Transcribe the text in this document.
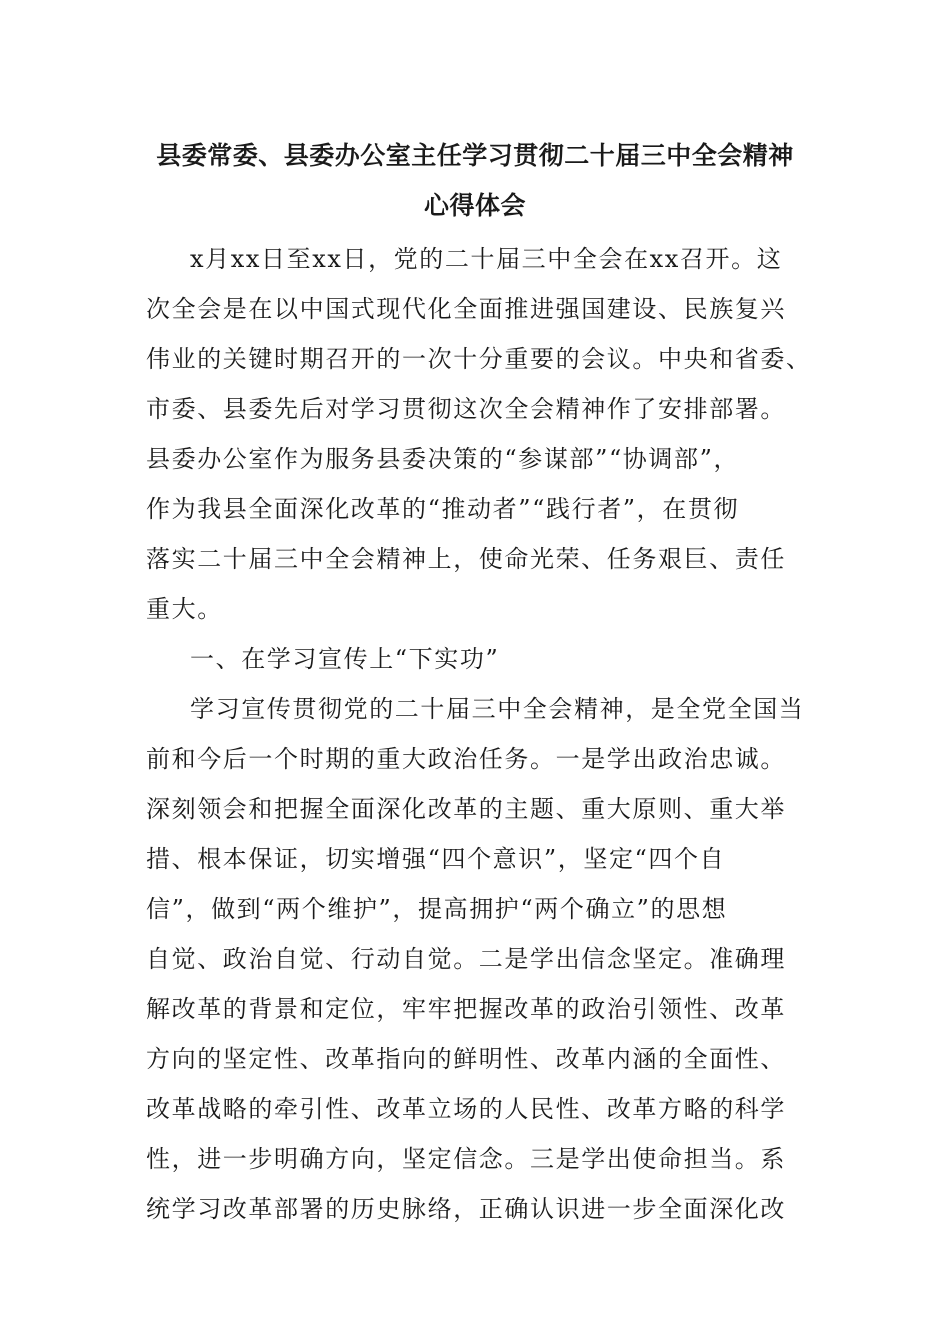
县委常委、县委办公室主任学习贯彻二十届三中全会精神
心得体会
x月xx日至xx日，党的二十届三中全会在xx召开。这
次全会是在以中国式现代化全面推进强国建设、民族复兴
伟业的关键时期召开的一次十分重要的会议。中央和省委、
市委、县委先后对学习贯彻这次全会精神作了安排部署。
县委办公室作为服务县委决策的“参谋部”“协调部”，
作为我县全面深化改革的“推动者”“践行者”，在贯彻
落实二十届三中全会精神上，使命光荣、任务艰巨、责任
重大。
一、在学习宣传上“下实功”
学习宣传贯彻党的二十届三中全会精神，是全党全国当
前和今后一个时期的重大政治任务。一是学出政治忠诚。
深刻领会和把握全面深化改革的主题、重大原则、重大举
措、根本保证，切实增强“四个意识”，坚定“四个自
信”，做到“两个维护”，提高拥护“两个确立”的思想
自觉、政治自觉、行动自觉。二是学出信念坚定。准确理
解改革的背景和定位，牢牢把握改革的政治引领性、改革
方向的坚定性、改革指向的鲜明性、改革内涵的全面性、
改革战略的牵引性、改革立场的人民性、改革方略的科学
性，进一步明确方向，坚定信念。三是学出使命担当。系
统学习改革部署的历史脉络，正确认识进一步全面深化改
